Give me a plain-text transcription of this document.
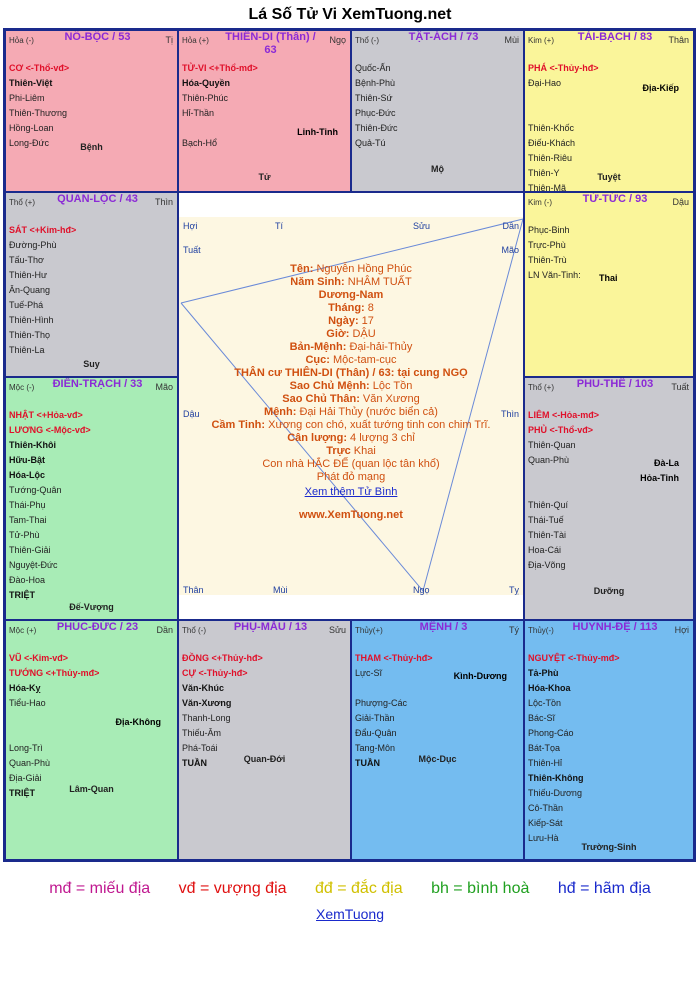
Lá Số Tử Vi XemTuong.net
Hỏa (-)	NÔ-BỘC / 53	Tị
CƠ <-Thổ-vđ>
Thiên-Việt
Phi-Liêm
Thiên-Thương
Hồng-Loan
Long-Đức	Bệnh
Hỏa (+)	THIÊN-DI (Thân) / 63
Ngọ
TỬ-VI <+Thổ-mđ>
Hóa-Quyền
Thiên-Phúc
Hỉ-Thần

Bạch-Hổ
Linh-Tinh
Tử
Thổ (-)	TẬT-ÁCH / 73	Mùi
Quốc-Ấn
Bệnh-Phù
Thiên-Sứ
Phục-Đức
Thiên-Đức
Quả-Tú
Mộ
Kim (+)	TÀI-BẠCH / 83	Thân
PHÁ <-Thủy-hđ>
Đại-Hao

Thiên-Khốc
Điếu-Khách
Thiên-Riêu
Thiên-Y
Thiên-Mã
Địa-Kiếp
Tuyệt
Thổ (+)	QUAN-LỘC / 43	Thìn
SÁT <+Kim-hđ>
Đường-Phù
Tấu-Thơ
Thiên-Hư
Ân-Quang
Tuế-Phá
Thiên-Hình
Thiên-Thọ
Thiên-La
Suy
Kim (-)	TỬ-TỨC / 93	Dậu
Phục-Binh
Trực-Phù
Thiên-Trù
LN Văn-Tinh:	Thai
Hợi	Tí	Sửu	Dần
Tuất	Mão
Dậu	Thìn
Thân	Mùi	Ngọ	Tỵ
Tên: Nguyễn Hồng Phúc
Năm Sinh: NHÂM TUẤT
Dương-Nam
Tháng: 8
Ngày: 17
Giờ: DẬU
Bản-Mệnh: Đại-hải-Thủy
Cục: Mộc-tam-cục
THÂN cư THIÊN-DI (Thân) / 63: tại cung NGỌ
Sao Chủ Mệnh: Lộc Tồn
Sao Chủ Thân: Văn Xương
Mệnh: Đại Hải Thủy (nước biển cả)
Cầm Tinh: Xương con chó, xuất tướng tinh con chim Trĩ.
Cân lượng: 4 lượng 3 chỉ
Trực Khai
Con nhà HẮC ĐẾ (quan lộc tân khổ)
Phát đỏ mạng
Xem thêm Tử Bình
www.XemTuong.net
Mộc (-)	ĐIỀN-TRẠCH / 33	Mão
NHẬT <+Hỏa-vđ>
LƯƠNG <-Mộc-vđ>
Thiên-Khôi
Hữu-Bật
Hóa-Lộc
Tướng-Quân
Thái-Phụ
Tam-Thai
Tử-Phù
Thiên-Giải
Nguyệt-Đức
Đào-Hoa
TRIỆT
Đế-Vượng
Thổ (+)	PHU-THÊ / 103	Tuất
LIÊM <-Hỏa-mđ>
PHỦ <-Thổ-vđ>
Thiên-Quan
Quan-Phù

Thiên-Quí
Thái-Tuế
Thiên-Tài
Hoa-Cái
Địa-Võng
Đà-La
Hỏa-Tinh
Dưỡng
Mộc (+)	PHÚC-ĐỨC / 23	Dần
VŨ <-Kim-vđ>
TƯỚNG <+Thủy-mđ>
Hóa-Kỵ
Tiểu-Hao

Long-Trì
Quan-Phù
Địa-Giải
TRIỆT
Địa-Không
Lâm-Quan
Thổ (-)	PHỤ-MẪU / 13	Sửu
ĐỒNG <+Thủy-hđ>
CỰ <-Thủy-hđ>
Văn-Khúc
Văn-Xương
Thanh-Long
Thiếu-Âm
Phá-Toái
TUẦN	Quan-Đới
Thủy(+)	MỆNH / 3	Tý
THAM <-Thủy-hđ>
Lực-Sĩ

Phượng-Các
Giải-Thần
Đẩu-Quân
Tang-Môn
TUẦN
Kình-Dương
Mộc-Dục
Thủy(-)	HUYNH-ĐỆ / 113	Hợi
NGUYỆT <-Thủy-mđ>
Tả-Phù
Hóa-Khoa
Lộc-Tồn
Bác-Sĩ
Phong-Cáo
Bát-Tọa
Thiên-Hỉ
Thiên-Không
Thiếu-Dương
Cô-Thần
Kiếp-Sát
Lưu-Hà
Trường-Sinh
mđ = miếu địa vđ = vượng địa đđ = đắc địa bh = bình hoà hđ = hãm địa
XemTuong
